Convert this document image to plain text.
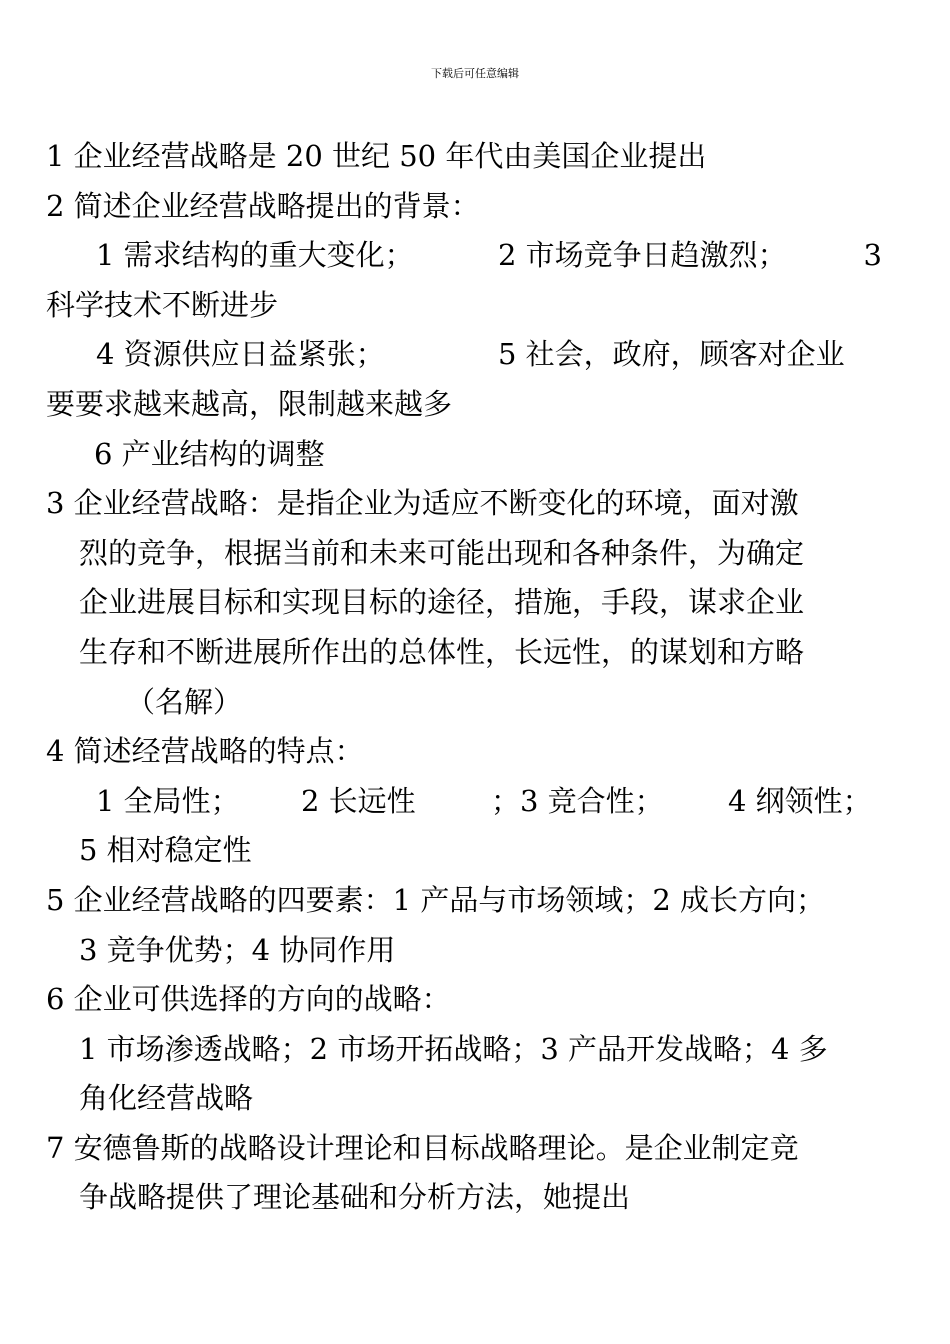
下载后可任意编辑
1 企业经营战略是 20 世纪 50 年代由美国企业提出
2 简述企业经营战略提出的背景：
1 需求结构的重大变化；	2 市场竞争日趋激烈；	3
科学技术不断进步
4 资源供应日益紧张；	5 社会，政府，顾客对企业
要要求越来越高，限制越来越多
6 产业结构的调整
3 企业经营战略：是指企业为适应不断变化的环境，面对激
烈的竞争，根据当前和未来可能出现和各种条件，为确定
企业进展目标和实现目标的途径，措施，手段，谋求企业
生存和不断进展所作出的总体性，长远性，的谋划和方略
（名解）
4 简述经营战略的特点：
1 全局性； 2 长远性	；3 竞合性； 4 纲领性；
5 相对稳定性
5 企业经营战略的四要素：1 产品与市场领域；2 成长方向；
3 竞争优势；4 协同作用
6 企业可供选择的方向的战略：
1 市场渗透战略；2 市场开拓战略；3 产品开发战略；4 多
角化经营战略
7 安德鲁斯的战略设计理论和目标战略理论。是企业制定竞
争战略提供了理论基础和分析方法，她提出
